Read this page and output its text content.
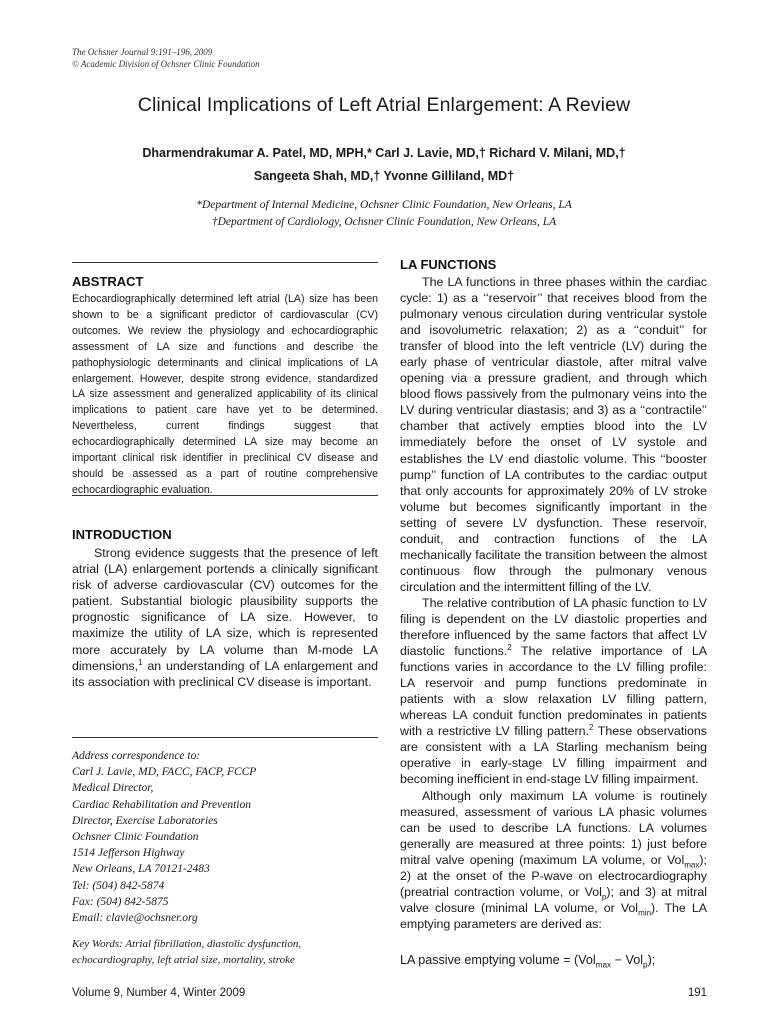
The Ochsner Journal 9:191–196, 2009
© Academic Division of Ochsner Clinic Foundation
Clinical Implications of Left Atrial Enlargement: A Review
Dharmendrakumar A. Patel, MD, MPH,* Carl J. Lavie, MD,† Richard V. Milani, MD,†
Sangeeta Shah, MD,† Yvonne Gilliland, MD†
*Department of Internal Medicine, Ochsner Clinic Foundation, New Orleans, LA
†Department of Cardiology, Ochsner Clinic Foundation, New Orleans, LA
ABSTRACT
Echocardiographically determined left atrial (LA) size has been shown to be a significant predictor of cardiovascular (CV) outcomes. We review the physiology and echocardiographic assessment of LA size and functions and describe the pathophysiologic determinants and clinical implications of LA enlargement. However, despite strong evidence, standardized LA size assessment and generalized applicability of its clinical implications to patient care have yet to be determined. Nevertheless, current findings suggest that echocardiographically determined LA size may become an important clinical risk identifier in preclinical CV disease and should be assessed as a part of routine comprehensive echocardiographic evaluation.
INTRODUCTION
Strong evidence suggests that the presence of left atrial (LA) enlargement portends a clinically significant risk of adverse cardiovascular (CV) outcomes for the patient. Substantial biologic plausibility supports the prognostic significance of LA size. However, to maximize the utility of LA size, which is represented more accurately by LA volume than M-mode LA dimensions,$^1$ an understanding of LA enlargement and its association with preclinical CV disease is important.
Address correspondence to:
Carl J. Lavie, MD, FACC, FACP, FCCP
Medical Director,
Cardiac Rehabilitation and Prevention
Director, Exercise Laboratories
Ochsner Clinic Foundation
1514 Jefferson Highway
New Orleans, LA 70121-2483
Tel: (504) 842-5874
Fax: (504) 842-5875
Email: clavie@ochsner.org
Key Words: Atrial fibrillation, diastolic dysfunction, echocardiography, left atrial size, mortality, stroke
LA FUNCTIONS

The LA functions in three phases within the cardiac cycle: 1) as a ‘‘reservoir’’ that receives blood from the pulmonary venous circulation during ventricular systole and isovolumetric relaxation; 2) as a ‘‘conduit’’ for transfer of blood into the left ventricle (LV) during the early phase of ventricular diastole, after mitral valve opening via a pressure gradient, and through which blood flows passively from the pulmonary veins into the LV during ventricular diastasis; and 3) as a ‘‘contractile’’ chamber that actively empties blood into the LV immediately before the onset of LV systole and establishes the LV end diastolic volume. This ‘‘booster pump’’ function of LA contributes to the cardiac output that only accounts for approximately 20% of LV stroke volume but becomes significantly important in the setting of severe LV dysfunction. These reservoir, conduit, and contraction functions of the LA mechanically facilitate the transition between the almost continuous flow through the pulmonary venous circulation and the intermittent filling of the LV.

The relative contribution of LA phasic function to LV filing is dependent on the LV diastolic properties and therefore influenced by the same factors that affect LV diastolic functions.$^2$ The relative importance of LA functions varies in accordance to the LV filling profile: LA reservoir and pump functions predominate in patients with a slow relaxation LV filling pattern, whereas LA conduit function predominates in patients with a restrictive LV filling pattern.$^2$ These observations are consistent with a LA Starling mechanism being operative in early-stage LV filling impairment and becoming inefficient in end-stage LV filling impairment.

Although only maximum LA volume is routinely measured, assessment of various LA phasic volumes can be used to describe LA functions. LA volumes generally are measured at three points: 1) just before mitral valve opening (maximum LA volume, or Vol$_{max}$); 2) at the onset of the P-wave on electrocardiography (preatrial contraction volume, or Vol$_p$); and 3) at mitral valve closure (minimal LA volume, or Vol$_{min}$). The LA emptying parameters are derived as:

LA passive emptying volume = (Vol$_{max}$ − Vol$_p$);
Volume 9, Number 4, Winter 2009	191
